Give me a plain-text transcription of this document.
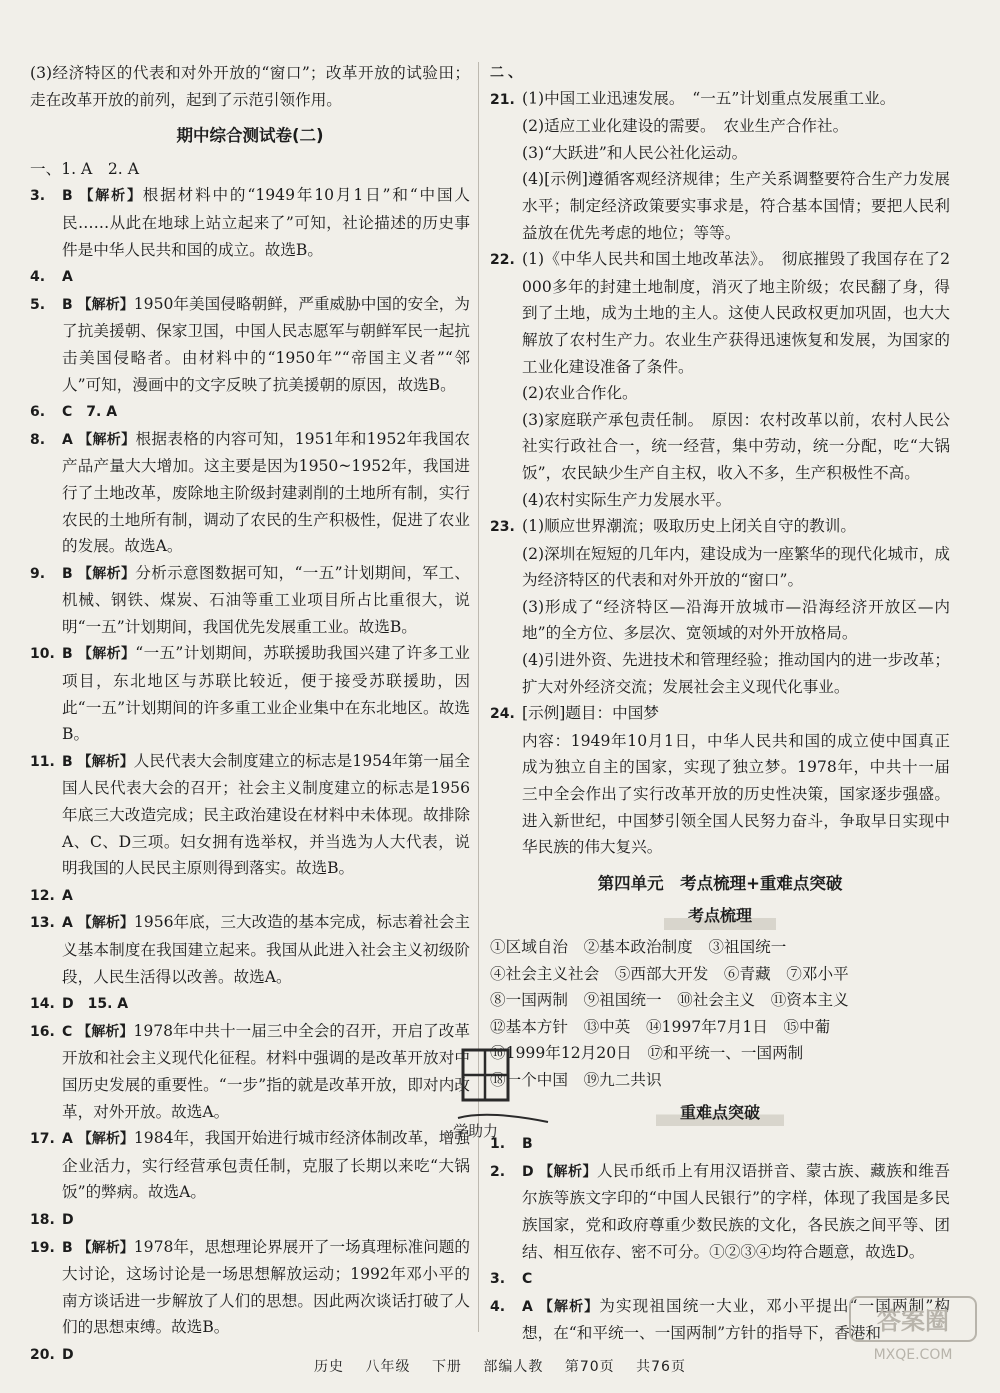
(3)经济特区的代表和对外开放的“窗口”；改革开放的试验田；走在改革开放的前列，起到了示范引领作用。

期中综合测试卷(二)

一、1. A　2. A

3. B 【解析】根据材料中的“1949年10月1日”和“中国人民……从此在地球上站立起来了”可知，社论描述的历史事件是中华人民共和国的成立。故选B。

4. A

5. B 【解析】1950年美国侵略朝鲜，严重威胁中国的安全，为了抗美援朝、保家卫国，中国人民志愿军与朝鲜军民一起抗击美国侵略者。由材料中的“1950年”“帝国主义者”“邻人”可知，漫画中的文字反映了抗美援朝的原因，故选B。

6. C　7. A

8. A 【解析】根据表格的内容可知，1951年和1952年我国农产品产量大大增加。这主要是因为1950~1952年，我国进行了土地改革，废除地主阶级封建剥削的土地所有制，实行农民的土地所有制，调动了农民的生产积极性，促进了农业的发展。故选A。

9. B 【解析】分析示意图数据可知，“一五”计划期间，军工、机械、钢铁、煤炭、石油等重工业项目所占比重很大，说明“一五”计划期间，我国优先发展重工业。故选B。

10. B 【解析】“一五”计划期间，苏联援助我国兴建了许多工业项目，东北地区与苏联比较近，便于接受苏联援助，因此“一五”计划期间的许多重工业企业集中在东北地区。故选B。

11. B 【解析】人民代表大会制度建立的标志是1954年第一届全国人民代表大会的召开；社会主义制度建立的标志是1956年底三大改造完成；民主政治建设在材料中未体现。故排除A、C、D三项。妇女拥有选举权，并当选为人大代表，说明我国的人民民主原则得到落实。故选B。

12. A

13. A 【解析】1956年底，三大改造的基本完成，标志着社会主义基本制度在我国建立起来。我国从此进入社会主义初级阶段，人民生活得以改善。故选A。

14. D　15. A

16. C 【解析】1978年中共十一届三中全会的召开，开启了改革开放和社会主义现代化征程。材料中强调的是改革开放对中国历史发展的重要性。“一步”指的就是改革开放，即对内改革，对外开放。故选A。

17. A 【解析】1984年，我国开始进行城市经济体制改革，增强企业活力，实行经营承包责任制，克服了长期以来吃“大锅饭”的弊病。故选A。

18. D

19. B 【解析】1978年，思想理论界展开了一场真理标准问题的大讨论，这场讨论是一场思想解放运动；1992年邓小平的南方谈话进一步解放了人们的思想。因此两次谈话打破了人们的思想束缚。故选B。

20. D

二、21. (1)中国工业迅速发展。　“一五”计划重点发展重工业。

(2)适应工业化建设的需要。　农业生产合作社。

(3)“大跃进”和人民公社化运动。

(4)[示例]遵循客观经济规律；生产关系调整要符合生产力发展水平；制定经济政策要实事求是，符合基本国情；要把人民利益放在优先考虑的地位；等等。

22. (1)《中华人民共和国土地改革法》。　彻底摧毁了我国存在了2 000多年的封建土地制度，消灭了地主阶级；农民翻了身，得到了土地，成为土地的主人。这使人民政权更加巩固，也大大解放了农村生产力。农业生产获得迅速恢复和发展，为国家的工业化建设准备了条件。

(2)农业合作化。

(3)家庭联产承包责任制。　原因：农村改革以前，农村人民公社实行政社合一，统一经营，集中劳动，统一分配，吃“大锅饭”，农民缺少生产自主权，收入不多，生产积极性不高。

(4)农村实际生产力发展水平。

23. (1)顺应世界潮流；吸取历史上闭关自守的教训。

(2)深圳在短短的几年内，建设成为一座繁华的现代化城市，成为经济特区的代表和对外开放的“窗口”。

(3)形成了“经济特区—沿海开放城市—沿海经济开放区—内地”的全方位、多层次、宽领域的对外开放格局。

(4)引进外资、先进技术和管理经验；推动国内的进一步改革；扩大对外经济交流；发展社会主义现代化事业。

24. [示例]题目：中国梦

内容：1949年10月1日，中华人民共和国的成立使中国真正成为独立自主的国家，实现了独立梦。1978年，中共十一届三中全会作出了实行改革开放的历史性决策，国家逐步强盛。进入新世纪，中国梦引领全国人民努力奋斗，争取早日实现中华民族的伟大复兴。

第四单元　考点梳理+重难点突破
考点梳理

①区域自治　②基本政治制度　③祖国统一

④社会主义社会　⑤西部大开发　⑥青藏　⑦邓小平

⑧一国两制　⑨祖国统一　⑩社会主义　⑪资本主义

⑫基本方针　⑬中英　⑭1997年7月1日　⑮中葡

⑯1999年12月20日　⑰和平统一、一国两制

⑱一个中国　⑲九二共识

重难点突破

1. B

2. D 【解析】人民币纸币上有用汉语拼音、蒙古族、藏族和维吾尔族等族文字印的“中国人民银行”的字样，体现了我国是多民族国家，党和政府尊重少数民族的文化，各民族之间平等、团结、相互依存、密不可分。①②③④均符合题意，故选D。

3. C

4. A 【解析】为实现祖国统一大业，邓小平提出“一国两制”构想，在“和平统一、一国两制”方针的指导下，香港和

学助力
历史 八年级 下册 部编人教 第70页 共76页
答案圈
MXQE.COM
